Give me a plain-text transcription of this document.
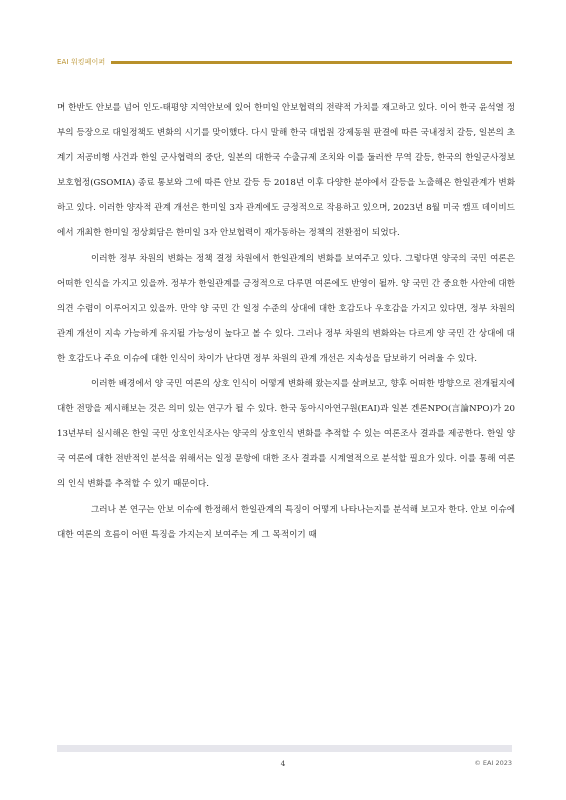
EAI 워킹페이퍼

며 한반도 안보를 넘어 인도-태평양 지역안보에 있어 한미일 안보협력의 전략적 가치를 재고하고 있다. 이어 한국 윤석열 정부의 등장으로 대일정책도 변화의 시기를 맞이했다. 다시 말해 한국 대법원 강제동원 판결에 따른 국내정치 갈등, 일본의 초계기 저공비행 사건과 한일 군사협력의 중단, 일본의 대한국 수출규제 조치와 이를 둘러싼 무역 갈등, 한국의 한일군사정보보호협정(GSOMIA) 종료 통보와 그에 따른 안보 갈등 등 2018년 이후 다양한 분야에서 갈등을 노출해온 한일관계가 변화하고 있다. 이러한 양자적 관계 개선은 한미일 3자 관계에도 긍정적으로 작용하고 있으며, 2023년 8월 미국 캠프 데이비드에서 개최한 한미일 정상회담은 한미일 3자 안보협력이 재가동하는 정책의 전환점이 되었다.

이러한 정부 차원의 변화는 정책 결정 차원에서 한일관계의 변화를 보여주고 있다. 그렇다면 양국의 국민 여론은 어떠한 인식을 가지고 있을까. 정부가 한일관계를 긍정적으로 다루면 여론에도 반영이 될까. 양 국민 간 중요한 사안에 대한 의견 수렴이 이루어지고 있을까. 만약 양 국민 간 일정 수준의 상대에 대한 호감도나 우호감을 가지고 있다면, 정부 차원의 관계 개선이 지속 가능하게 유지될 가능성이 높다고 볼 수 있다. 그러나 정부 차원의 변화와는 다르게 양 국민 간 상대에 대한 호감도나 주요 이슈에 대한 인식이 차이가 난다면 정부 차원의 관계 개선은 지속성을 담보하기 어려울 수 있다.

이러한 배경에서 양 국민 여론의 상호 인식이 어떻게 변화해 왔는지를 살펴보고, 향후 어떠한 방향으로 전개될지에 대한 전망을 제시해보는 것은 의미 있는 연구가 될 수 있다. 한국 동아시아연구원(EAI)과 일본 겐론NPO(言論NPO)가 2013년부터 실시해온 한일 국민 상호인식조사는 양국의 상호인식 변화를 추적할 수 있는 여론조사 결과를 제공한다. 한일 양국 여론에 대한 전반적인 분석을 위해서는 일정 문항에 대한 조사 결과를 시계열적으로 분석할 필요가 있다. 이를 통해 여론의 인식 변화를 추적할 수 있기 때문이다.

그러나 본 연구는 안보 이슈에 한정해서 한일관계의 특징이 어떻게 나타나는지를 분석해 보고자 한다. 안보 이슈에 대한 여론의 흐름이 어떤 특징을 가지는지 보여주는 게 그 목적이기 때

4	© EAI 2023
